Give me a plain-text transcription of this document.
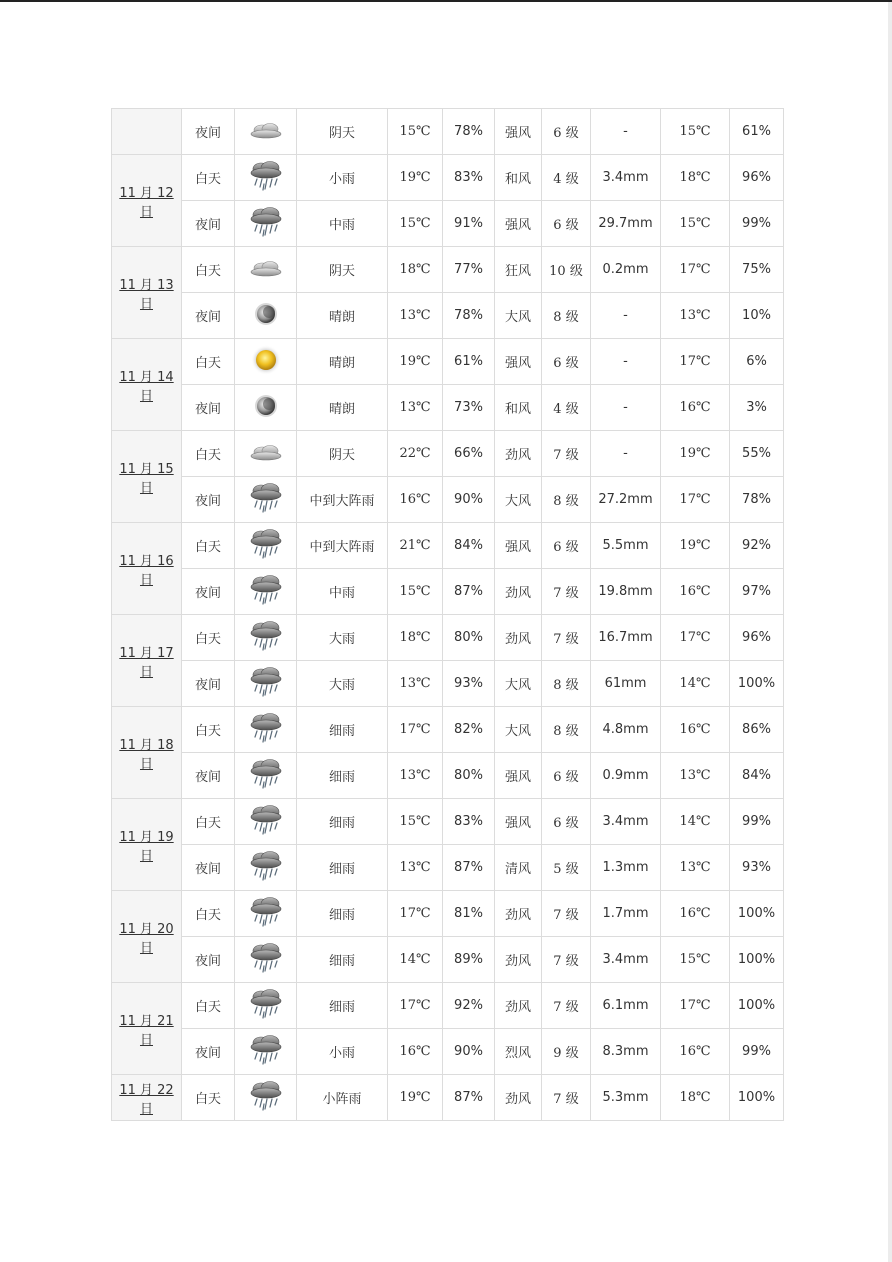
	夜间		阴天	15℃	78%	强风	6 级	-	15℃	61%
11 月 12 日	白天		小雨	19℃	83%	和风	4 级	3.4mm	18℃	96%
	夜间		中雨	15℃	91%	强风	6 级	29.7mm	15℃	99%
11 月 13 日	白天		阴天	18℃	77%	狂风	10 级	0.2mm	17℃	75%
	夜间		晴朗	13℃	78%	大风	8 级	-	13℃	10%
11 月 14 日	白天		晴朗	19℃	61%	强风	6 级	-	17℃	6%
	夜间		晴朗	13℃	73%	和风	4 级	-	16℃	3%
11 月 15 日	白天		阴天	22℃	66%	劲风	7 级	-	19℃	55%
	夜间		中到大阵雨	16℃	90%	大风	8 级	27.2mm	17℃	78%
11 月 16 日	白天		中到大阵雨	21℃	84%	强风	6 级	5.5mm	19℃	92%
	夜间		中雨	15℃	87%	劲风	7 级	19.8mm	16℃	97%
11 月 17 日	白天		大雨	18℃	80%	劲风	7 级	16.7mm	17℃	96%
	夜间		大雨	13℃	93%	大风	8 级	61mm	14℃	100%
11 月 18 日	白天		细雨	17℃	82%	大风	8 级	4.8mm	16℃	86%
	夜间		细雨	13℃	80%	强风	6 级	0.9mm	13℃	84%
11 月 19 日	白天		细雨	15℃	83%	强风	6 级	3.4mm	14℃	99%
	夜间		细雨	13℃	87%	清风	5 级	1.3mm	13℃	93%
11 月 20 日	白天		细雨	17℃	81%	劲风	7 级	1.7mm	16℃	100%
	夜间		细雨	14℃	89%	劲风	7 级	3.4mm	15℃	100%
11 月 21 日	白天		细雨	17℃	92%	劲风	7 级	6.1mm	17℃	100%
	夜间		小雨	16℃	90%	烈风	9 级	8.3mm	16℃	99%
11 月 22 日	白天		小阵雨	19℃	87%	劲风	7 级	5.3mm	18℃	100%
